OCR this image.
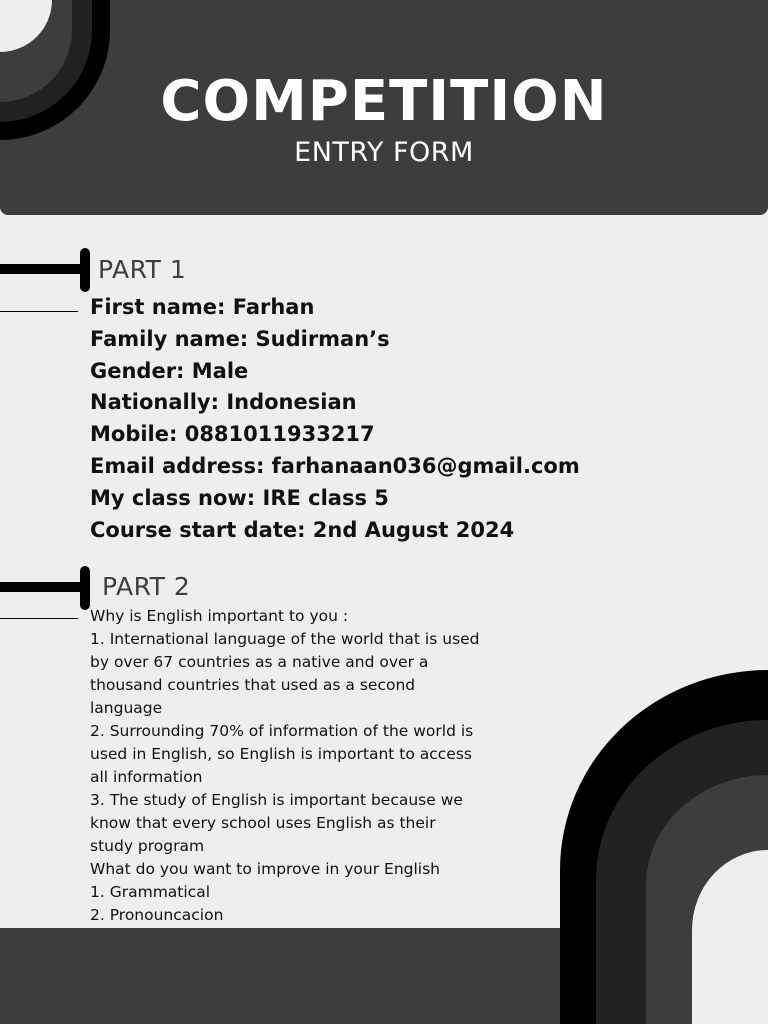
COMPETITION
ENTRY FORM
PART 1
First name: Farhan
Family name: Sudirman’s
Gender: Male
Nationally: Indonesian
Mobile: 0881011933217
Email address: farhanaan036@gmail.com
My class now: IRE class 5
Course start date: 2nd August 2024
PART 2
Why is English important to you :
1. International language of the world that is used
by over 67 countries as a native and over a
thousand countries that used as a second
language
2. Surrounding 70% of information of the world is
used in English, so English is important to access
all information
3. The study of English is important because we
know that every school uses English as their
study program
What do you want to improve in your English
1. Grammatical
2. Pronouncacion
